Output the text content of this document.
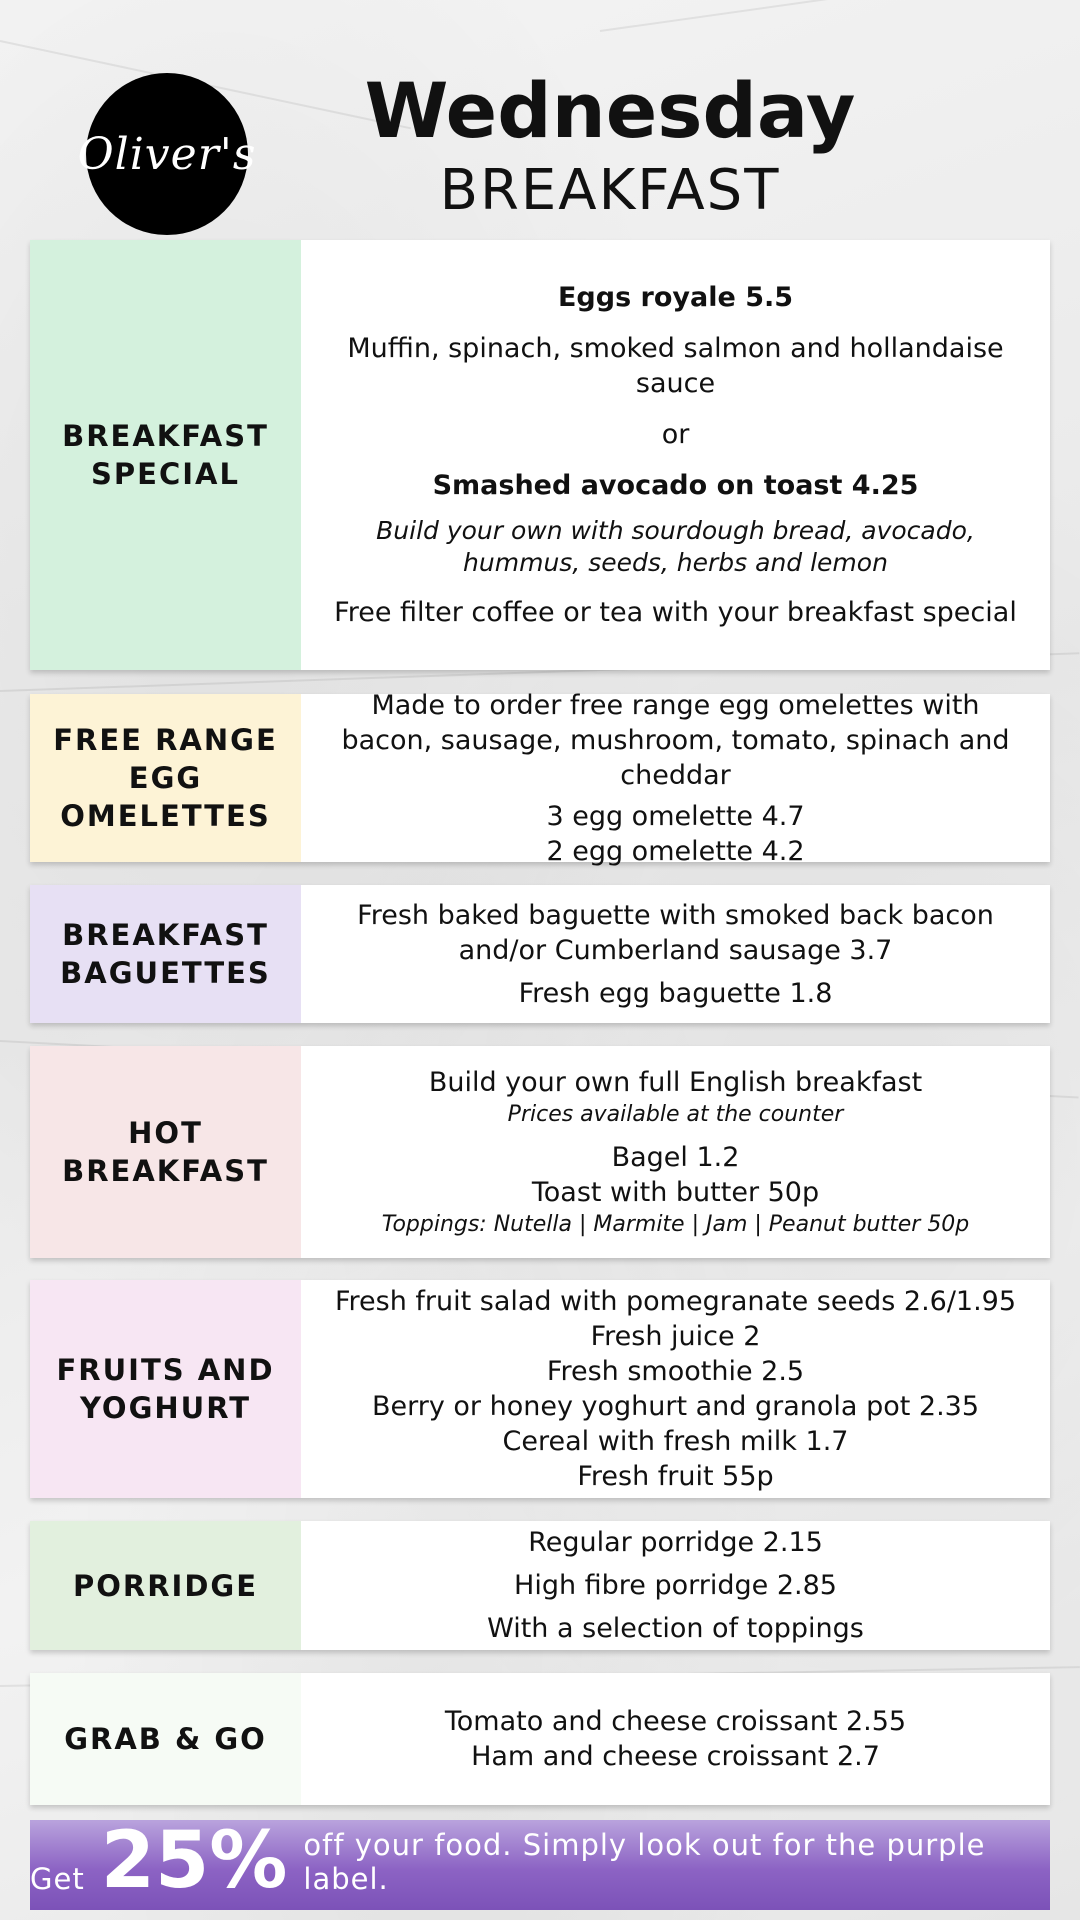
Oliver's	Wednesday
BREAKFAST
BREAKFAST SPECIAL
Eggs royale 5.5
Muffin, spinach, smoked salmon and hollandaise sauce
or
Smashed avocado on toast 4.25
Build your own with sourdough bread, avocado, hummus, seeds, herbs and lemon
Free filter coffee or tea with your breakfast special
FREE RANGE EGG OMELETTES
Made to order free range egg omelettes with bacon, sausage, mushroom, tomato, spinach and cheddar
3 egg omelette 4.7
2 egg omelette 4.2
BREAKFAST BAGUETTES
Fresh baked baguette with smoked back bacon and/or Cumberland sausage 3.7
Fresh egg baguette 1.8
HOT BREAKFAST
Build your own full English breakfast
Prices available at the counter
Bagel 1.2
Toast with butter 50p
Toppings: Nutella | Marmite | Jam | Peanut butter 50p
FRUITS AND YOGHURT
Fresh fruit salad with pomegranate seeds 2.6/1.95
Fresh juice 2
Fresh smoothie 2.5
Berry or honey yoghurt and granola pot 2.35
Cereal with fresh milk 1.7
Fresh fruit 55p
PORRIDGE
Regular porridge 2.15
High fibre porridge 2.85
With a selection of toppings
GRAB & GO
Tomato and cheese croissant 2.55
Ham and cheese croissant 2.7
Get 25% off your food. Simply look out for the purple label.
